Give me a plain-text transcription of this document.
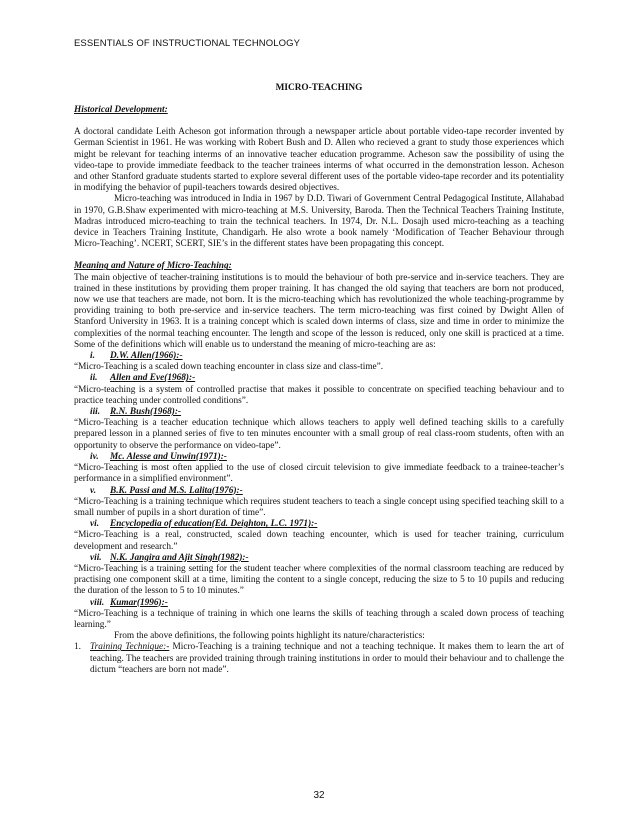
ESSENTIALS OF INSTRUCTIONAL TECHNOLOGY
MICRO-TEACHING
Historical Development:

A doctoral candidate Leith Acheson got information through a newspaper article about portable video-tape recorder invented by German Scientist in 1961. He was working with Robert Bush and D. Allen who recieved a grant to study those experiences which might be relevant for teaching interms of an innovative teacher education programme. Acheson saw the possibility of using the video-tape to provide immediate feedback to the teacher trainees interms of what occurred in the demonstration lesson. Acheson and other Stanford graduate students started to explore several different uses of the portable video-tape recorder and its potentiality in modifying the behavior of pupil-teachers towards desired objectives.

Micro-teaching was introduced in India in 1967 by D.D. Tiwari of Government Central Pedagogical Institute, Allahabad in 1970, G.B.Shaw experimented with micro-teaching at M.S. University, Baroda. Then the Technical Teachers Training Institute, Madras introduced micro-teaching to train the technical teachers. In 1974, Dr. N.L. Dosajh used micro-teaching as a teaching device in Teachers Training Institute, Chandigarh. He also wrote a book namely ‘Modification of Teacher Behaviour through Micro-Teaching’. NCERT, SCERT, SIE’s in the different states have been propagating this concept.

Meaning and Nature of Micro-Teaching:

The main objective of teacher-training institutions is to mould the behaviour of both pre-service and in-service teachers. They are trained in these institutions by providing them proper training. It has changed the old saying that teachers are born not produced, now we use that teachers are made, not born. It is the micro-teaching which has revolutionized the whole teaching-programme by providing training to both pre-service and in-service teachers. The term micro-teaching was first coined by Dwight Allen of Stanford University in 1963. It is a training concept which is scaled down interms of class, size and time in order to minimize the complexities of the normal teaching encounter. The length and scope of the lesson is reduced, only one skill is practiced at a time. Some of the definitions which will enable us to understand the meaning of micro-teaching are as:

i. D.W. Allen(1966):-
“Micro-Teaching is a scaled down teaching encounter in class size and class-time”.
ii. Allen and Eve(1968):-
“Micro-teaching is a system of controlled practise that makes it possible to concentrate on specified teaching behaviour and to practice teaching under controlled conditions”.
iii. R.N. Bush(1968):-
“Micro-Teaching is a teacher education technique which allows teachers to apply well defined teaching skills to a carefully prepared lesson in a planned series of five to ten minutes encounter with a small group of real class-room students, often with an opportunity to observe the performance on video-tape”.
iv. Mc. Alesse and Unwin(1971):-
“Micro-Teaching is most often applied to the use of closed circuit television to give immediate feedback to a trainee-teacher’s performance in a simplified environment”.
v. B.K. Passi and M.S. Lalita(1976):-
“Micro-Teaching is a training technique which requires student teachers to teach a single concept using specified teaching skill to a small number of pupils in a short duration of time”.
vi. Encyclopedia of education(Ed. Deighton, L.C. 1971):-
“Micro-Teaching is a real, constructed, scaled down teaching encounter, which is used for teacher training, curriculum development and research.”
vii. N.K. Jangira and Ajit Singh(1982):-
“Micro-Teaching is a training setting for the student teacher where complexities of the normal classroom teaching are reduced by practising one component skill at a time, limiting the content to a single concept, reducing the size to 5 to 10 pupils and reducing the duration of the lesson to 5 to 10 minutes.”
viii. Kumar(1996):-
“Micro-Teaching is a technique of training in which one learns the skills of teaching through a scaled down process of teaching learning.”

From the above definitions, the following points highlight its nature/characteristics:

1. Training Technique:- Micro-Teaching is a training technique and not a teaching technique. It makes them to learn the art of teaching. The teachers are provided training through training institutions in order to mould their behaviour and to challenge the dictum “teachers are born not made”.
32
